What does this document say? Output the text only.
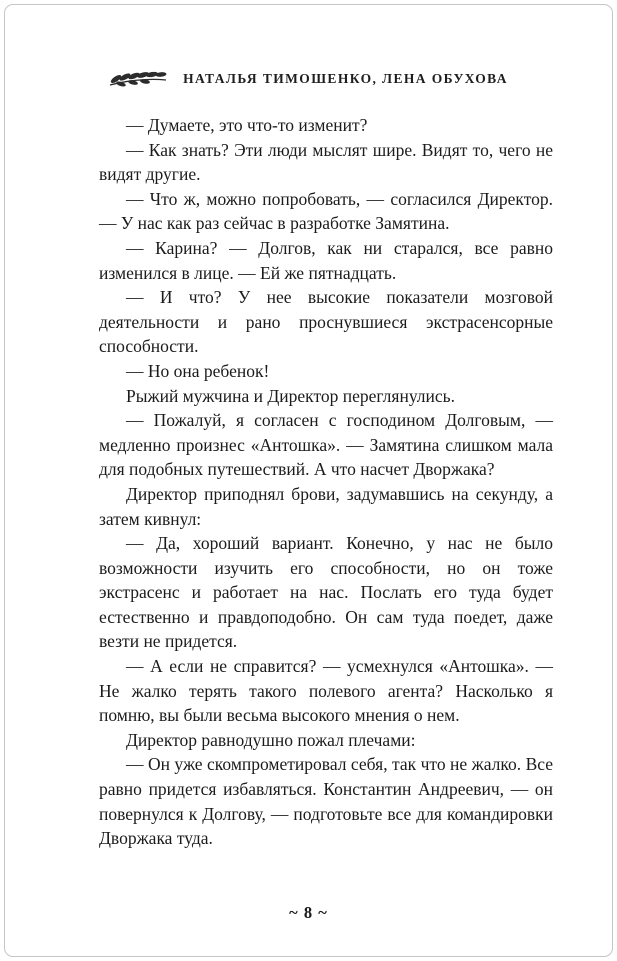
НАТАЛЬЯ ТИМОШЕНКО, ЛЕНА ОБУХОВА

— Думаете, это что-то изменит?

— Как знать? Эти люди мыслят шире. Видят то, чего не видят другие.

— Что ж, можно попробовать, — согласился Директор. — У нас как раз сейчас в разработке Замятина.

— Карина? — Долгов, как ни старался, все равно изменился в лице. — Ей же пятнадцать.

— И что? У нее высокие показатели мозговой деятельности и рано проснувшиеся экстрасенсорные способности.

— Но она ребенок!

Рыжий мужчина и Директор переглянулись.

— Пожалуй, я согласен с господином Долговым, — медленно произнес «Антошка». — Замятина слишком мала для подобных путешествий. А что насчет Дворжака?

Директор приподнял брови, задумавшись на секунду, а затем кивнул:

— Да, хороший вариант. Конечно, у нас не было возможности изучить его способности, но он тоже экстрасенс и работает на нас. Послать его туда будет естественно и правдоподобно. Он сам туда поедет, даже везти не придется.

— А если не справится? — усмехнулся «Антошка». — Не жалко терять такого полевого агента? Насколько я помню, вы были весьма высокого мнения о нем.

Директор равнодушно пожал плечами:

— Он уже скомпрометировал себя, так что не жалко. Все равно придется избавляться. Константин Андреевич, — он повернулся к Долгову, — подготовьте все для командировки Дворжака туда.

~ 8 ~
